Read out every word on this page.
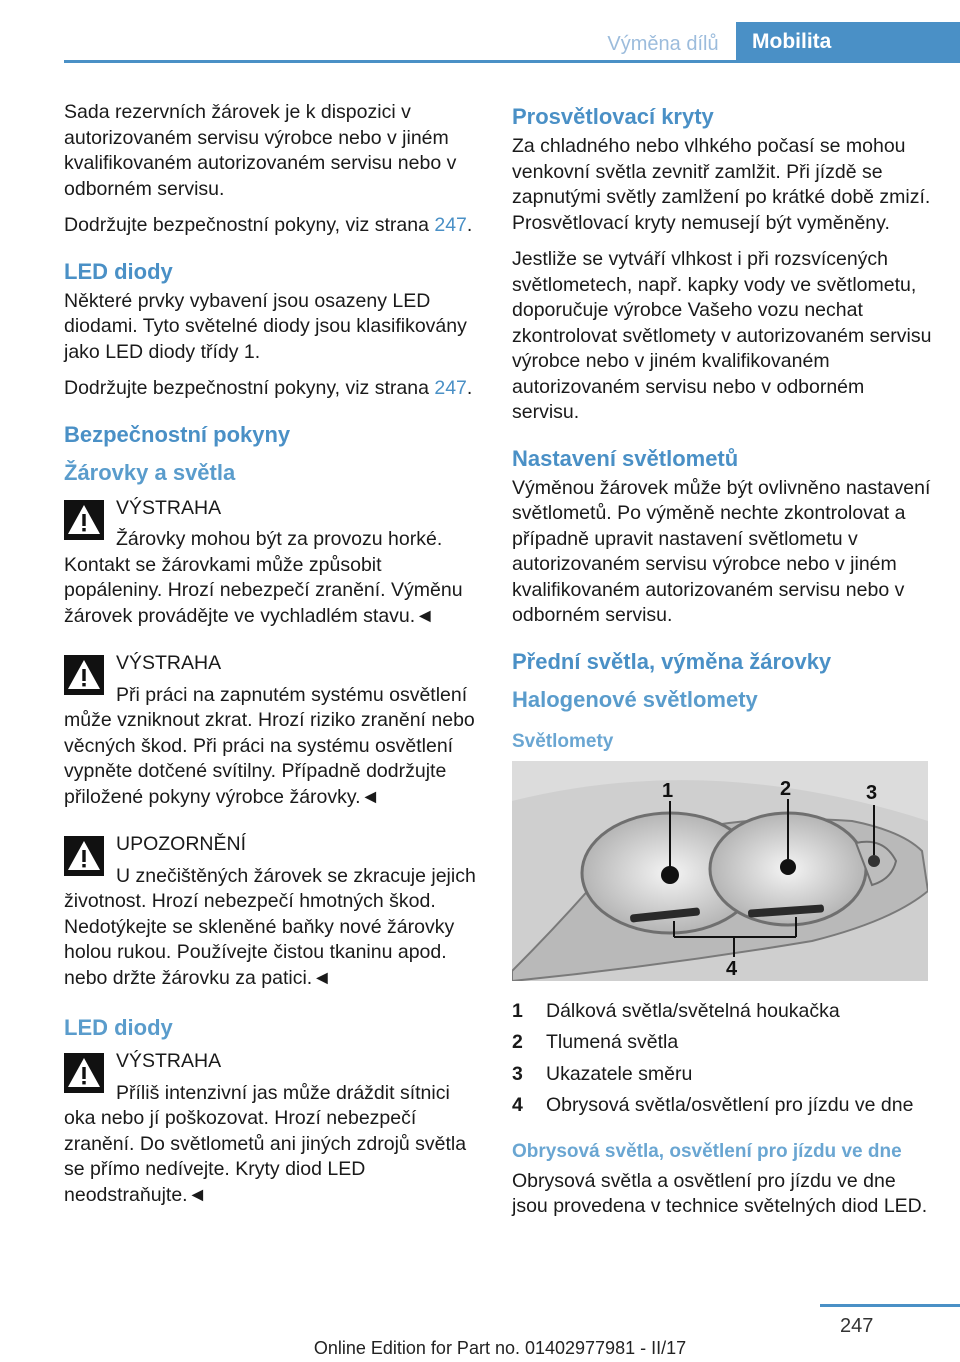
Výměna dílů	Mobilita

Sada rezervních žárovek je k dispozici v autorizovaném servisu výrobce nebo v jiném kvalifikovaném autorizovaném servisu nebo v odborném servisu.

Dodržujte bezpečnostní pokyny, viz strana 247.

LED diody

Některé prvky vybavení jsou osazeny LED diodami. Tyto světelné diody jsou klasifikovány jako LED diody třídy 1.

Dodržujte bezpečnostní pokyny, viz strana 247.

Bezpečnostní pokyny
Žárovky a světla
VÝSTRAHA
Žárovky mohou být za provozu horké. Kontakt se žárovkami může způsobit popáleniny. Hrozí nebezpečí zranění. Výměnu žárovek provádějte ve vychladlém stavu.◄
VÝSTRAHA
Při práci na zapnutém systému osvětlení může vzniknout zkrat. Hrozí riziko zranění nebo věcných škod. Při práci na systému osvětlení vypněte dotčené svítilny. Případně dodržujte přiložené pokyny výrobce žárovky.◄
UPOZORNĚNÍ
U znečištěných žárovek se zkracuje jejich životnost. Hrozí nebezpečí hmotných škod. Nedotýkejte se skleněné baňky nové žárovky holou rukou. Používejte čistou tkaninu apod. nebo držte žárovku za patici.◄
LED diody
VÝSTRAHA
Příliš intenzivní jas může dráždit sítnici oka nebo jí poškozovat. Hrozí nebezpečí zranění. Do světlometů ani jiných zdrojů světla se přímo nedívejte. Kryty diod LED neodstraňujte.◄
Prosvětlovací kryty

Za chladného nebo vlhkého počasí se mohou venkovní světla zevnitř zamlžit. Při jízdě se zapnutými světly zamlžení po krátké době zmizí. Prosvětlovací kryty nemusejí být vyměněny.

Jestliže se vytváří vlhkost i při rozsvícených světlometech, např. kapky vody ve světlometu, doporučuje výrobce Vašeho vozu nechat zkontrolovat světlomety v autorizovaném servisu výrobce nebo v jiném kvalifikovaném autorizovaném servisu nebo v odborném servisu.

Nastavení světlometů

Výměnou žárovek může být ovlivněno nastavení světlometů. Po výměně nechte zkontrolovat a případně upravit nastavení světlometu v autorizovaném servisu výrobce nebo v jiném kvalifikovaném autorizovaném servisu nebo v odborném servisu.

Přední světla, výměna žárovky
Halogenové světlomety
Světlomety
1	2	3
4
1 Dálková světla/světelná houkačka
2 Tlumená světla
3 Ukazatele směru
4 Obrysová světla/osvětlení pro jízdu ve dne
Obrysová světla, osvětlení pro jízdu ve dne

Obrysová světla a osvětlení pro jízdu ve dne jsou provedena v technice světelných diod LED.

247
Online Edition for Part no. 01402977981 - II/17
